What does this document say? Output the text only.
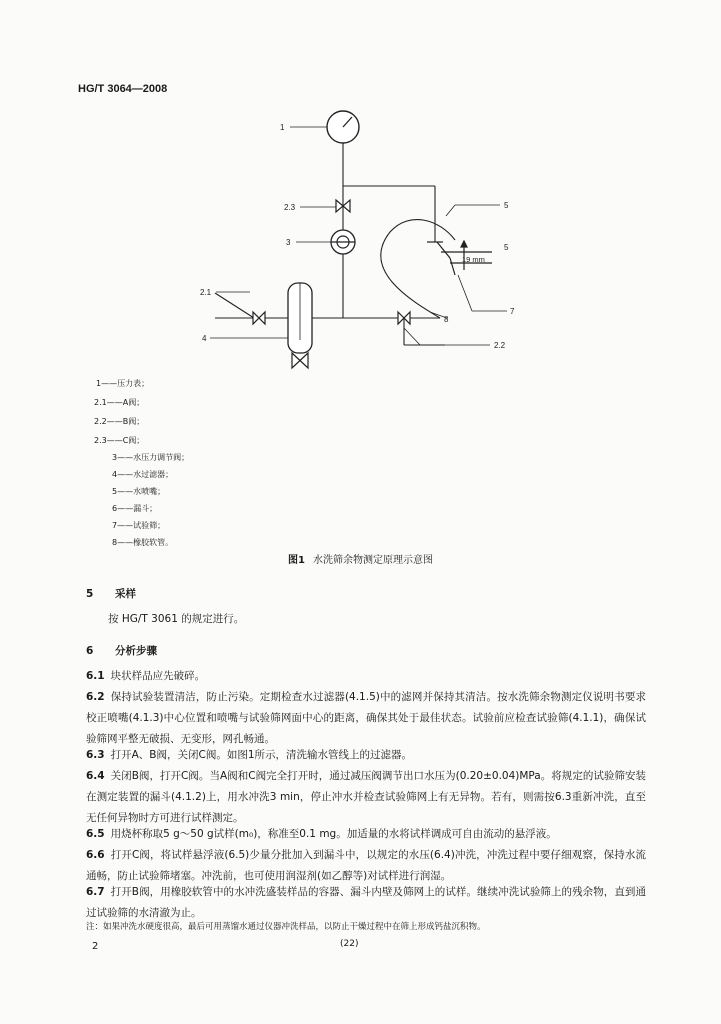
HG/T 3064—2008
1
2.3
3
2.1
4
5
5
7
8
2.2
19 mm
1——压力表；
2.1——A阀；
2.2——B阀；
2.3——C阀；
3——水压力调节阀；
4——水过滤器；
5——水喷嘴；
6——漏斗；
7——试验筛；
8——橡胶软管。
图1 水洗筛余物测定原理示意图
5 采样
按 HG/T 3061 的规定进行。
6 分析步骤
6.1 块状样品应先破碎。
6.2 保持试验装置清洁，防止污染。定期检查水过滤器(4.1.5)中的滤网并保持其清洁。按水洗筛余物测定仪说明书要求校正喷嘴(4.1.3)中心位置和喷嘴与试验筛网面中心的距离，确保其处于最佳状态。试验前应检查试验筛(4.1.1)，确保试验筛网平整无破损、无变形，网孔畅通。
6.3 打开A、B阀，关闭C阀。如图1所示，清洗输水管线上的过滤器。
6.4 关闭B阀，打开C阀。当A阀和C阀完全打开时，通过减压阀调节出口水压为(0.20±0.04)MPa。将规定的试验筛安装在测定装置的漏斗(4.1.2)上，用水冲洗3 min，停止冲水并检查试验筛网上有无异物。若有，则需按6.3重新冲洗，直至无任何异物时方可进行试样测定。
6.5 用烧杯称取5 g～50 g试样(m₀)，称准至0.1 mg。加适量的水将试样调成可自由流动的悬浮液。
6.6 打开C阀，将试样悬浮液(6.5)少量分批加入到漏斗中，以规定的水压(6.4)冲洗，冲洗过程中要仔细观察，保持水流通畅，防止试验筛堵塞。冲洗前，也可使用润湿剂(如乙醇等)对试样进行润湿。
6.7 打开B阀，用橡胶软管中的水冲洗盛装样品的容器、漏斗内壁及筛网上的试样。继续冲洗试验筛上的残余物，直到通过试验筛的水清澈为止。
注：如果冲洗水硬度很高，最后可用蒸馏水通过仪器冲洗样品，以防止干燥过程中在筛上形成钙盐沉积物。
2	(22)
